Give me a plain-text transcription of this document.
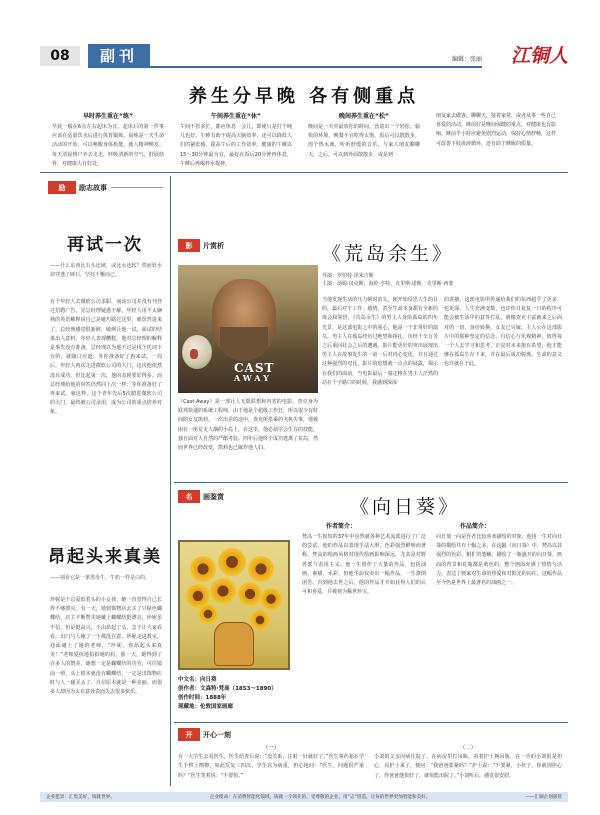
08	副刊	编辑：张丽	江铜人
养生分早晚 各有侧重点
早时养生重在“练”
早晨一般在6点左右起床为宜。起床后的第一件事应该在适量饮水后进行体育锻炼。晨练是一天生命活动的开始，可以唤醒身体机能，使人精神焕发。每天清晨到户外去走走，呼吸清新的空气，舒展筋骨，对健康大有好处。
午间养生重在“休”
午间不管多忙，都应休息一会儿。即使只是打个盹儿也好。午睡有助于提高大脑效率，还可以降低人们的紧张感，提高午后的工作效率。健康的午睡以15～30分钟最为宜，最好在饭后20分钟再休息，午睡后再喝杯水提神。
晚间养生重在“松”
晚间是一天中最放松的时间。营造出一个轻松、愉快的环境，晚餐不宜吃得太饱，饭后可以散散步，泡个热水澡，听听舒缓的音乐，与家人朋友聊聊天，之后，可以到外面散散步，或是到
朋友家去做客，聊聊天，接着家常，或者从事一些自己喜爱的活动。睡前好是晚间保健的重点，对健康也有影响。睡前半小时应避免剧烈运动，保持心情舒畅，这样可改善下肢血液循环，还有助于睡眠的质量。
励	励志故事
再试一次
——什么东西比石头还硬，或比水还软？然而软水却穿透了硬石，坚持不懈而已。
有个年轻人去微软公司求职，而该公司并没有刊登过招聘广告。见总经理疑惑不解，年轻人用不太娴熟的英语解释说自己是碰巧路过这里，就贸然进来了。总经理感觉很新鲜，破例让他一试。面试的结果出人意料，年轻人表现糟糕。他对总经理的解释是事先没有准备，总经理以为他不过是找个托词下台阶，就随口应道：等你准备好了再来试。一周后，年轻人再次走进微软公司的大门，这次他依然没有成功。但比起第一次，他的表现要好得多。而总经理给他的回答仍然同上次一样：等你准备好了再来试。就这样，这个青年先后5次踏进微软公司的大门，最终被公司录用，成为公司的重点培养对象。
昂起头来真美
——别看它是一条黑母牛，牛奶一样是白的。
珍妮是个总爱低着头的小女孩，她一直觉得自己长得不够漂亮。有一天，她到饰物店去买了只绿色蝴蝶结，店主不断赞美她戴上蝴蝶结挺漂亮，珍妮虽不信，但是挺高兴，不由昂起了头，急于让大家看看，出门与人撞了一下都没在意。珍妮走进教室，迎面碰上了她的老师，“珍妮，你昂起头来真美！”老师爱抚地拍拍她的肩。那一天，她得到了许多人的赞美。她想一定是蝴蝶结的功劳，可往镜前一照，头上根本就没有蝴蝶结，一定是出饰物店时与人一碰弄丢了。自信原本就是一种美丽，而很多人却因为太在意外表而失去很多快乐。
影	片赏析	《荒岛余生》
导演：罗伯特·泽米吉斯
主演：汤姆·汉克斯，海伦·亨特，克里斯·诺斯，克里斯·西蒙
CAST
AWAY
《Cast Away》是一部让人无限联想和内省的电影。查克身为联邦快递的系统工程师，由于他是个超级工作狂，所以很少有时间陪女友凯莉。一次出差的途中，查克所搭乘的飞机失事，他被困在一座荒无人烟的小岛上。在这里，他必须学会生存的技能，独自面对大自然的严酷考验。四年后他终于成功逃离了荒岛，然而世界已经改变，凯莉也已嫁作他人妇。
当他发现生活的压力顿时消失，便开始反思人生的目的，最后对于工作、感情，甚至生命本身都有全新的体会和领悟。《荒岛余生》的男主人身陷孤岛的四年光景，是这部电影之中的重心，他是一个非常好的演员。男主人在孤岛经历过绝望和挣扎，历经千辛万苦之后重回社会之后的遭遇。影片能更好的突出展现出男主人在故事发生的一前一后对内心变化，并且通过这种强烈的对比，影片的思想就一点点的展露，揭示在我们的面前。当电影最后一幕定格在男主人茫然的站在十字路口的时候，我感到深深
的震撼。这部电影所传递给我们的东西超乎了更多，也更深。人生充满变数，也许你日复复一日的程序可能会被生活中的意外打乱，就像查克丰富就来之后面对的一切，身份转换，女友已另嫁，主人公在这部影片中的那种坚定的信念、自信心与乐观精神，值得每一个人去学习和思考，正是对未来抱有希望，他才能够在孤岛生存下来，并在最后成功脱离。生命的意义也许就在于此。
名	画鉴赏	《向日葵》
中文名：向日葵
创作者：文森特·梵高（1853～1890）
创作时间：1888年
现藏地：伦敦国家画廊
作者简介：
梵高一生短短的37年中虽然就各种艺术流派进行了广泛的尝试，他的作品以表现手法大胆，色彩强烈鲜明而著称。梵高的绘画风格对现代绘画影响深远，尤其是对野兽派与表现主义。他一生创作了大量的作品，包括油画、素描、水彩，但他生前仅卖出一幅作品，一生潦倒困苦。直到他去世之后，他的作品才开始获得人们的认可和喜爱，并被视为稀世珍宝。
作品简介：
向日葵一向是作者比较喜欢描绘的对象，他用一生对向日葵的描绘共有十幅之多。在这幅《向日葵》中，梵高以其强烈的色彩、粗犷的笔触，描绘了一瓶盛开的向日葵。画面的背景和花瓶都是黄色的，整个画面充满了热情与活力，表达了画家对生命的热爱和对阳光的向往。这幅作品至今仍是世界上最著名的油画之一。
开	开心一刻
（一）
有一大学生去看医生，医生给查后说：“没关系，注射一针就好了。”医生拿药箱在学生手臂上擦擦，如此反复三四次，学生以为病重，担心地问：“医生，问题很严重吗？”医生笑着说：“不要怕。”
（二）
小刘的父亲因病住院了，在病房里打吊瓶。看着护士换吊瓶，在一旁的小刘很是担心，见护士来了，便问：“我爸爸要紧吗？”护士说：“不要紧，小伙子，你就别担心了，你爸爸他快好了，就快能出院了。”小刘听后，感觉很安慰。
企业愿景：汇集美好，铸就世界。	企业使命：在消费智能化领域，铸就一个领先的，受尊敬的企业，用“志”创造，让每的世界更加智能和美好。	——汇铜企划部管
